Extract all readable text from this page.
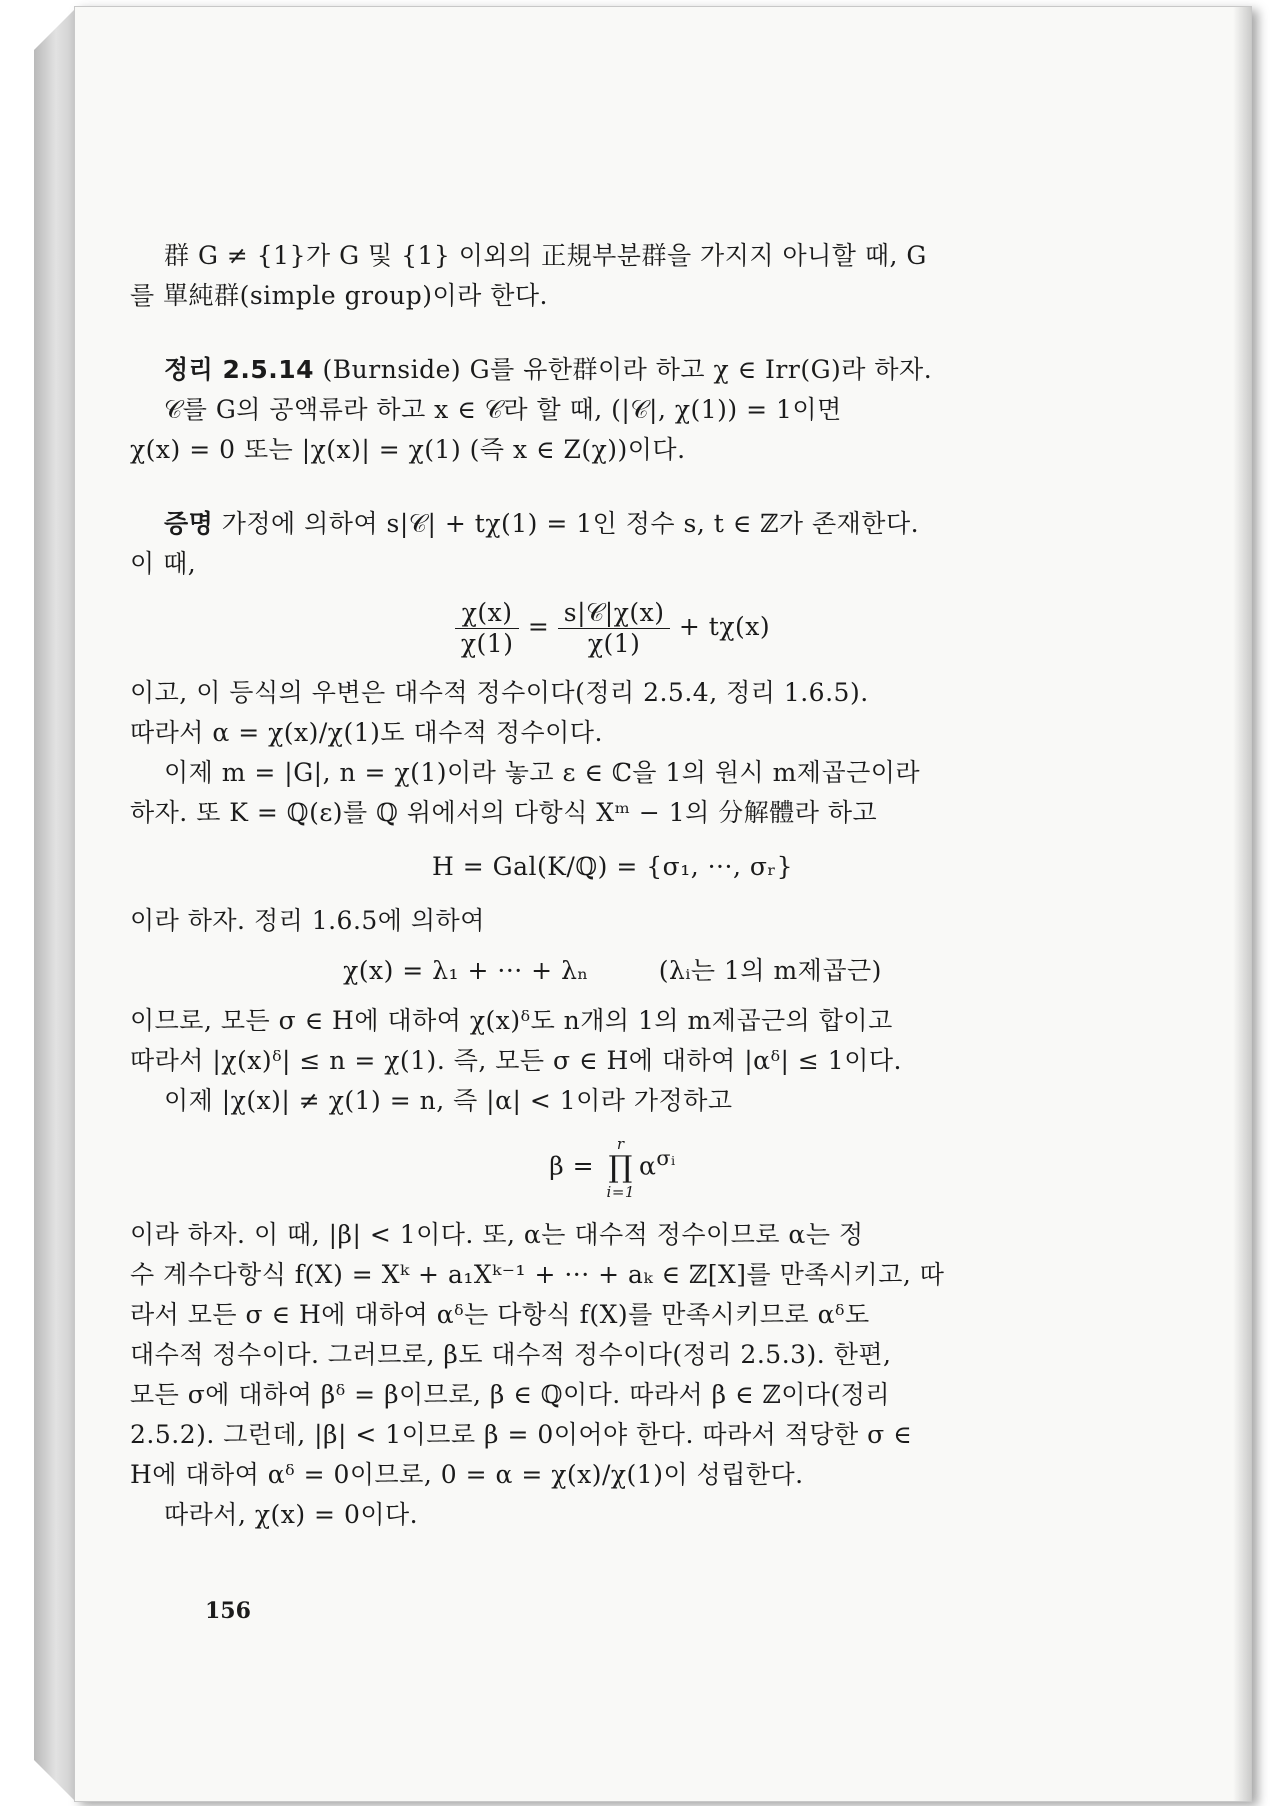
群 G ≠ {1}가 G 및 {1} 이외의 正規부분群을 가지지 아니할 때, G

를 單純群(simple group)이라 한다.

정리 2.5.14 (Burnside) G를 유한群이라 하고 χ ∈ Irr(G)라 하자.

𝒞를 G의 공액류라 하고 x ∈ 𝒞라 할 때, (|𝒞|, χ(1)) = 1이면

χ(x) = 0 또는 |χ(x)| = χ(1) (즉 x ∈ Z(χ))이다.

증명 가정에 의하여 s|𝒞| + tχ(1) = 1인 정수 s, t ∈ ℤ가 존재한다.

이 때,

$\frac{\chi(x)}{\chi(1)} = \frac{\text{s|𝒞|χ(x)}}{\chi(1)} + t\chi(x)$

이고, 이 등식의 우변은 대수적 정수이다(정리 2.5.4, 정리 1.6.5).

따라서 α = χ(x)/χ(1)도 대수적 정수이다.

이제 m = |G|, n = χ(1)이라 놓고 ε ∈ ℂ을 1의 원시 m제곱근이라

하자. 또 K = ℚ(ε)를 ℚ 위에서의 다항식 Xᵐ − 1의 分解體라 하고

H = Gal(K/ℚ) = {σ₁, ···, σᵣ}

이라 하자. 정리 1.6.5에 의하여

χ(x) = λ₁ + ··· + λₙ	(λᵢ는 1의 m제곱근)

이므로, 모든 σ ∈ H에 대하여 χ(x)ᵟ도 n개의 1의 m제곱근의 합이고

따라서 |χ(x)ᵟ| ≤ n = χ(1). 즉, 모든 σ ∈ H에 대하여 |αᵟ| ≤ 1이다.

이제 |χ(x)| ≠ χ(1) = n, 즉 |α| < 1이라 가정하고

β =
r
∏
i=1
$\alpha^{\sigma ᵢ}$

이라 하자. 이 때, |β| < 1이다. 또, α는 대수적 정수이므로 α는 정

수 계수다항식 f(X) = Xᵏ + a₁Xᵏ⁻¹ + ··· + aₖ ∈ ℤ[X]를 만족시키고, 따

라서 모든 σ ∈ H에 대하여 αᵟ는 다항식 f(X)를 만족시키므로 αᵟ도

대수적 정수이다. 그러므로, β도 대수적 정수이다(정리 2.5.3). 한편,

모든 σ에 대하여 βᵟ = β이므로, β ∈ ℚ이다. 따라서 β ∈ ℤ이다(정리

2.5.2). 그런데, |β| < 1이므로 β = 0이어야 한다. 따라서 적당한 σ ∈

H에 대하여 αᵟ = 0이므로, 0 = α = χ(x)/χ(1)이 성립한다.

따라서, χ(x) = 0이다.

156
